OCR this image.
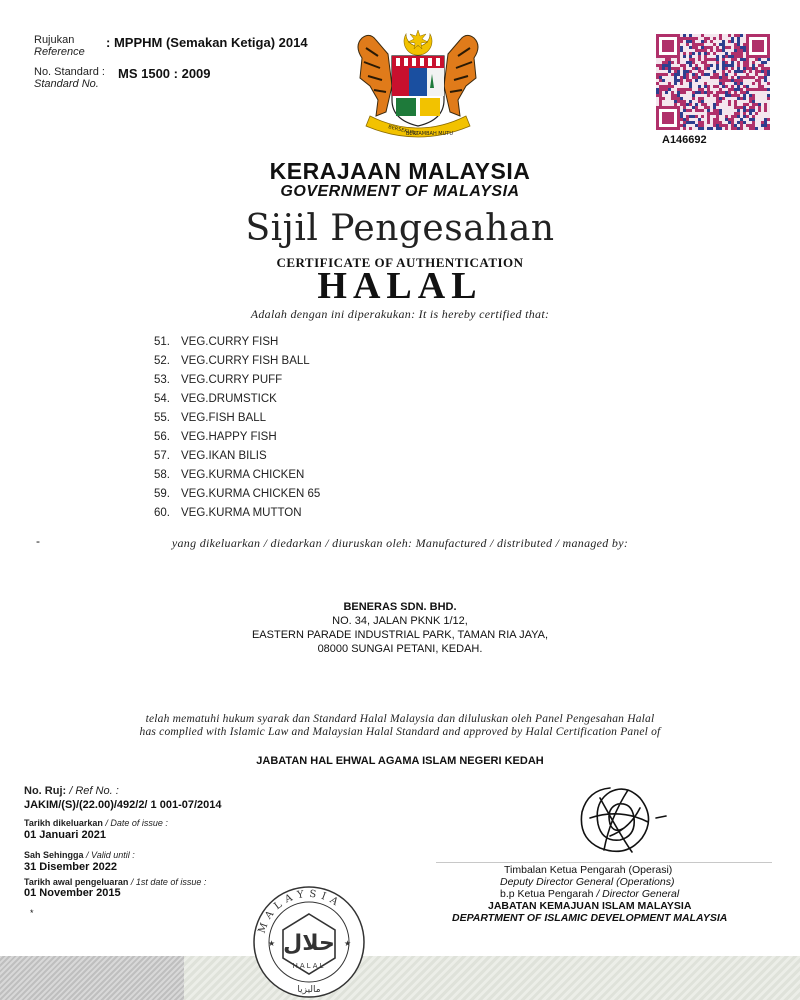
Rujukan
Reference
: MPPHM (Semakan Ketiga) 2014
No. Standard :
Standard No.
MS 1500 : 2009
BERSEKUTU
BERTAMBAH MUTU	A146692
KERAJAAN MALAYSIA
GOVERNMENT OF MALAYSIA
Sijil Pengesahan
CERTIFICATE OF AUTHENTICATION
HALAL
Adalah dengan ini diperakukan: It is hereby certified that:
51. VEG.CURRY FISH
52. VEG.CURRY FISH BALL
53. VEG.CURRY PUFF
54. VEG.DRUMSTICK
55. VEG.FISH BALL
56. VEG.HAPPY FISH
57. VEG.IKAN BILIS
58. VEG.KURMA CHICKEN
59. VEG.KURMA CHICKEN 65
60. VEG.KURMA MUTTON
-	yang dikeluarkan / diedarkan / diuruskan oleh: Manufactured / distributed / managed by:
BENERAS SDN. BHD.
NO. 34, JALAN PKNK 1/12,
EASTERN PARADE INDUSTRIAL PARK, TAMAN RIA JAYA,
08000 SUNGAI PETANI, KEDAH.
telah mematuhi hukum syarak dan Standard Halal Malaysia dan diluluskan oleh Panel Pengesahan Halal
has complied with Islamic Law and Malaysian Halal Standard and approved by Halal Certification Panel of
JABATAN HAL EHWAL AGAMA ISLAM NEGERI KEDAH
No. Ruj: / Ref No. :
JAKIM/(S)/(22.00)/492/2/ 1 001-07/2014
Tarikh dikeluarkan / Date of issue :
01 Januari 2021
Sah Sehingga / Valid until :
31 Disember 2022
Tarikh awal pengeluaran / 1st date of issue :
01 November 2015
*
Timbalan Ketua Pengarah (Operasi)
Deputy Director General (Operations)
b.p Ketua Pengarah / Director General
JABATAN KEMAJUAN ISLAM MALAYSIA
DEPARTMENT OF ISLAMIC DEVELOPMENT MALAYSIA
MALAYSIA
حلال
HALAL
ماليزيا
★	★
